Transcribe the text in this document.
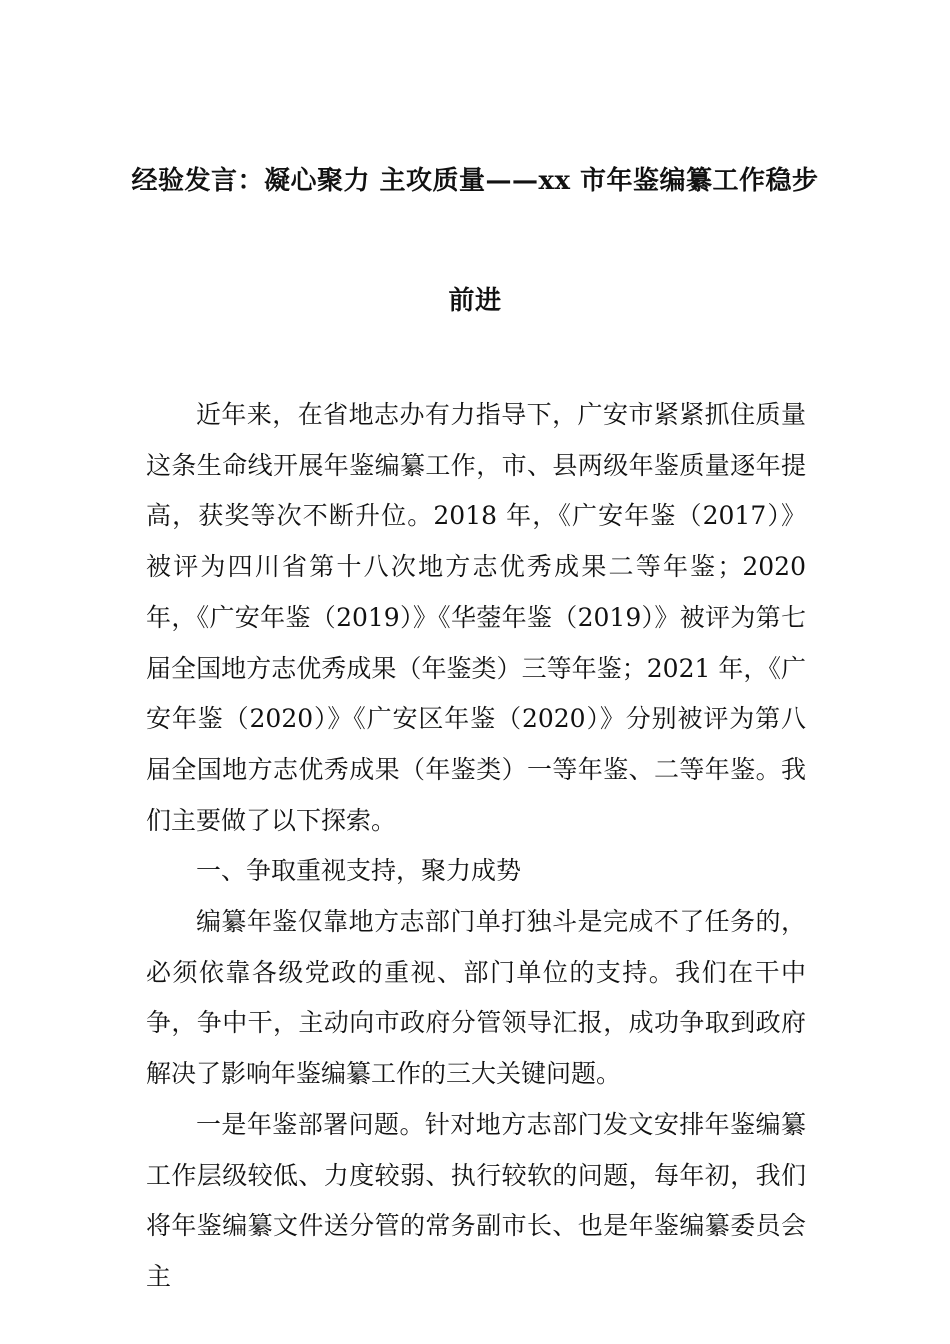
经验发言：凝心聚力 主攻质量——xx 市年鉴编纂工作稳步
前进

近年来，在省地志办有力指导下，广安市紧紧抓住质量这条生命线开展年鉴编纂工作，市、县两级年鉴质量逐年提高，获奖等次不断升位。2018 年，《广安年鉴（2017）》被评为四川省第十八次地方志优秀成果二等年鉴；2020 年，《广安年鉴（2019）》《华蓥年鉴（2019）》被评为第七届全国地方志优秀成果（年鉴类）三等年鉴；2021 年，《广安年鉴（2020）》《广安区年鉴（2020）》分别被评为第八届全国地方志优秀成果（年鉴类）一等年鉴、二等年鉴。我们主要做了以下探索。

一、争取重视支持，聚力成势

编纂年鉴仅靠地方志部门单打独斗是完成不了任务的，必须依靠各级党政的重视、部门单位的支持。我们在干中争，争中干，主动向市政府分管领导汇报，成功争取到政府解决了影响年鉴编纂工作的三大关键问题。

一是年鉴部署问题。针对地方志部门发文安排年鉴编纂工作层级较低、力度较弱、执行较软的问题，每年初，我们将年鉴编纂文件送分管的常务副市长、也是年鉴编纂委员会主
